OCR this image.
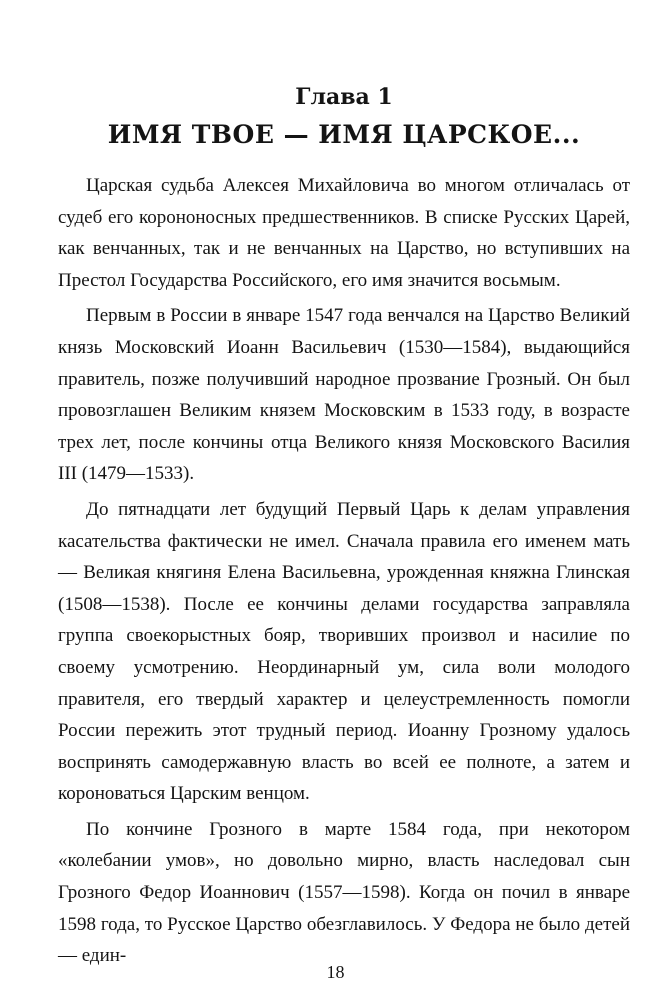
Глава 1
ИМЯ ТВОЕ — ИМЯ ЦАРСКОЕ...

Царская судьба Алексея Михайловича во многом отличалась от судеб его корононосных предшественников. В списке Русских Царей, как венчанных, так и не венчанных на Царство, но вступивших на Престол Государства Российского, его имя значится восьмым.

Первым в России в январе 1547 года венчался на Царство Великий князь Московский Иоанн Васильевич (1530—1584), выдающийся правитель, позже получивший народное прозвание Грозный. Он был провозглашен Великим князем Московским в 1533 году, в возрасте трех лет, после кончины отца Великого князя Московского Василия III (1479—1533).

До пятнадцати лет будущий Первый Царь к делам управления касательства фактически не имел. Сначала правила его именем мать — Великая княгиня Елена Васильевна, урожденная княжна Глинская (1508—1538). После ее кончины делами государства заправляла группа своекорыстных бояр, творивших произвол и насилие по своему усмотрению. Неординарный ум, сила воли молодого правителя, его твердый характер и целеустремленность помогли России пережить этот трудный период. Иоанну Грозному удалось воспринять самодержавную власть во всей ее полноте, а затем и короноваться Царским венцом.

По кончине Грозного в марте 1584 года, при некотором «колебании умов», но довольно мирно, власть наследовал сын Грозного Федор Иоаннович (1557—1598). Когда он почил в январе 1598 года, то Русское Царство обезглавилось. У Федора не было детей — един-

18
